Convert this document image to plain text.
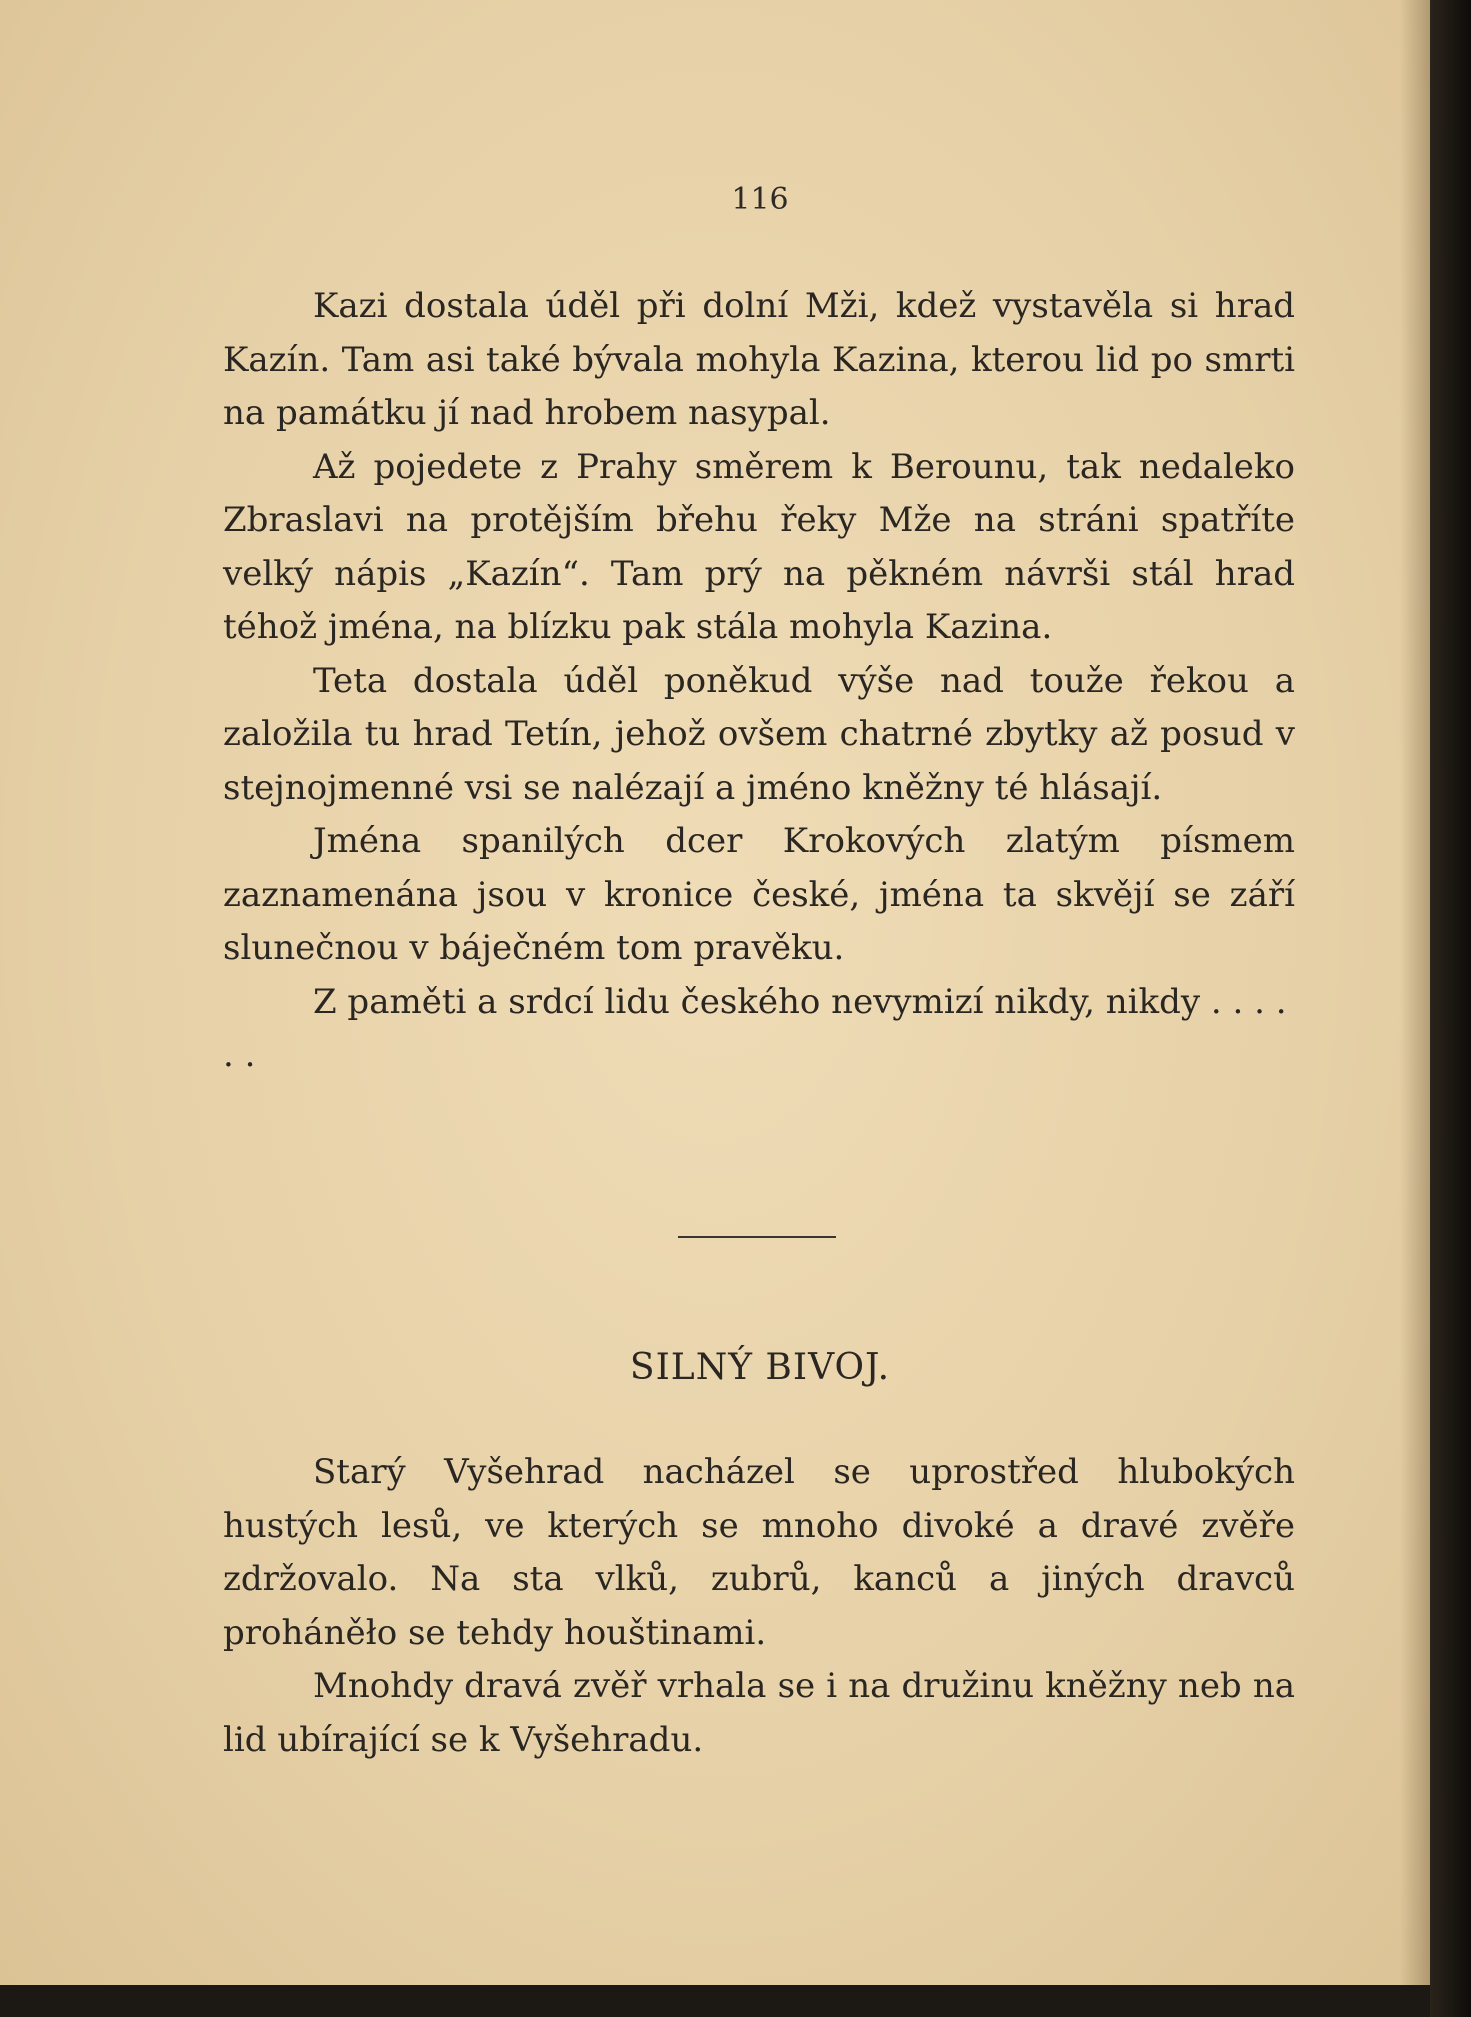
116

Kazi dostala úděl při dolní Mži, kdež vystavěla si hrad Kazín. Tam asi také bývala mohyla Kazina, kterou lid po smrti na památku jí nad hrobem nasypal.

Až pojedete z Prahy směrem k Berounu, tak nedaleko Zbraslavi na protějším břehu řeky Mže na stráni spatříte velký nápis „Kazín“. Tam prý na pěkném návrši stál hrad téhož jména, na blízku pak stála mohyla Kazina.

Teta dostala úděl poněkud výše nad touže řekou a založila tu hrad Tetín, jehož ovšem chatrné zbytky až posud v stejnojmenné vsi se nalézají a jméno kněžny té hlásají.

Jména spanilých dcer Krokových zlatým písmem zaznamenána jsou v kronice české, jména ta skvějí se září slunečnou v báječném tom pravěku.

Z paměti a srdcí lidu českého nevymizí nikdy, nikdy . . . . . .

SILNÝ BIVOJ.

Starý Vyšehrad nacházel se uprostřed hlubokých hustých lesů, ve kterých se mnoho divoké a dravé zvěře zdržovalo. Na sta vlků, zubrů, kanců a jiných dravců proháněło se tehdy houštinami.

Mnohdy dravá zvěř vrhala se i na družinu kněžny neb na lid ubírající se k Vyšehradu.
